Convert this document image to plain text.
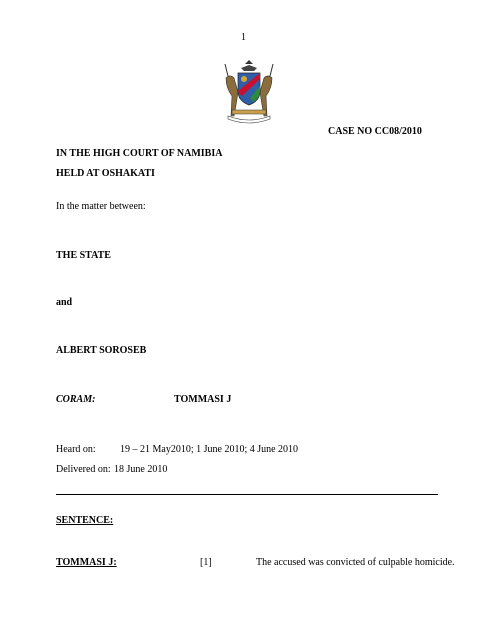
1
CASE NO CC08/2010
IN THE HIGH COURT OF NAMIBIA
HELD AT OSHAKATI
In the matter between:
THE STATE
and
ALBERT SOROSEB
CORAM:	TOMMASI J
Heard on: 19 – 21 May2010; 1 June 2010; 4 June 2010
Delivered on: 18 June 2010
SENTENCE:
TOMMASI J:	[1]	The accused was convicted of culpable homicide.
